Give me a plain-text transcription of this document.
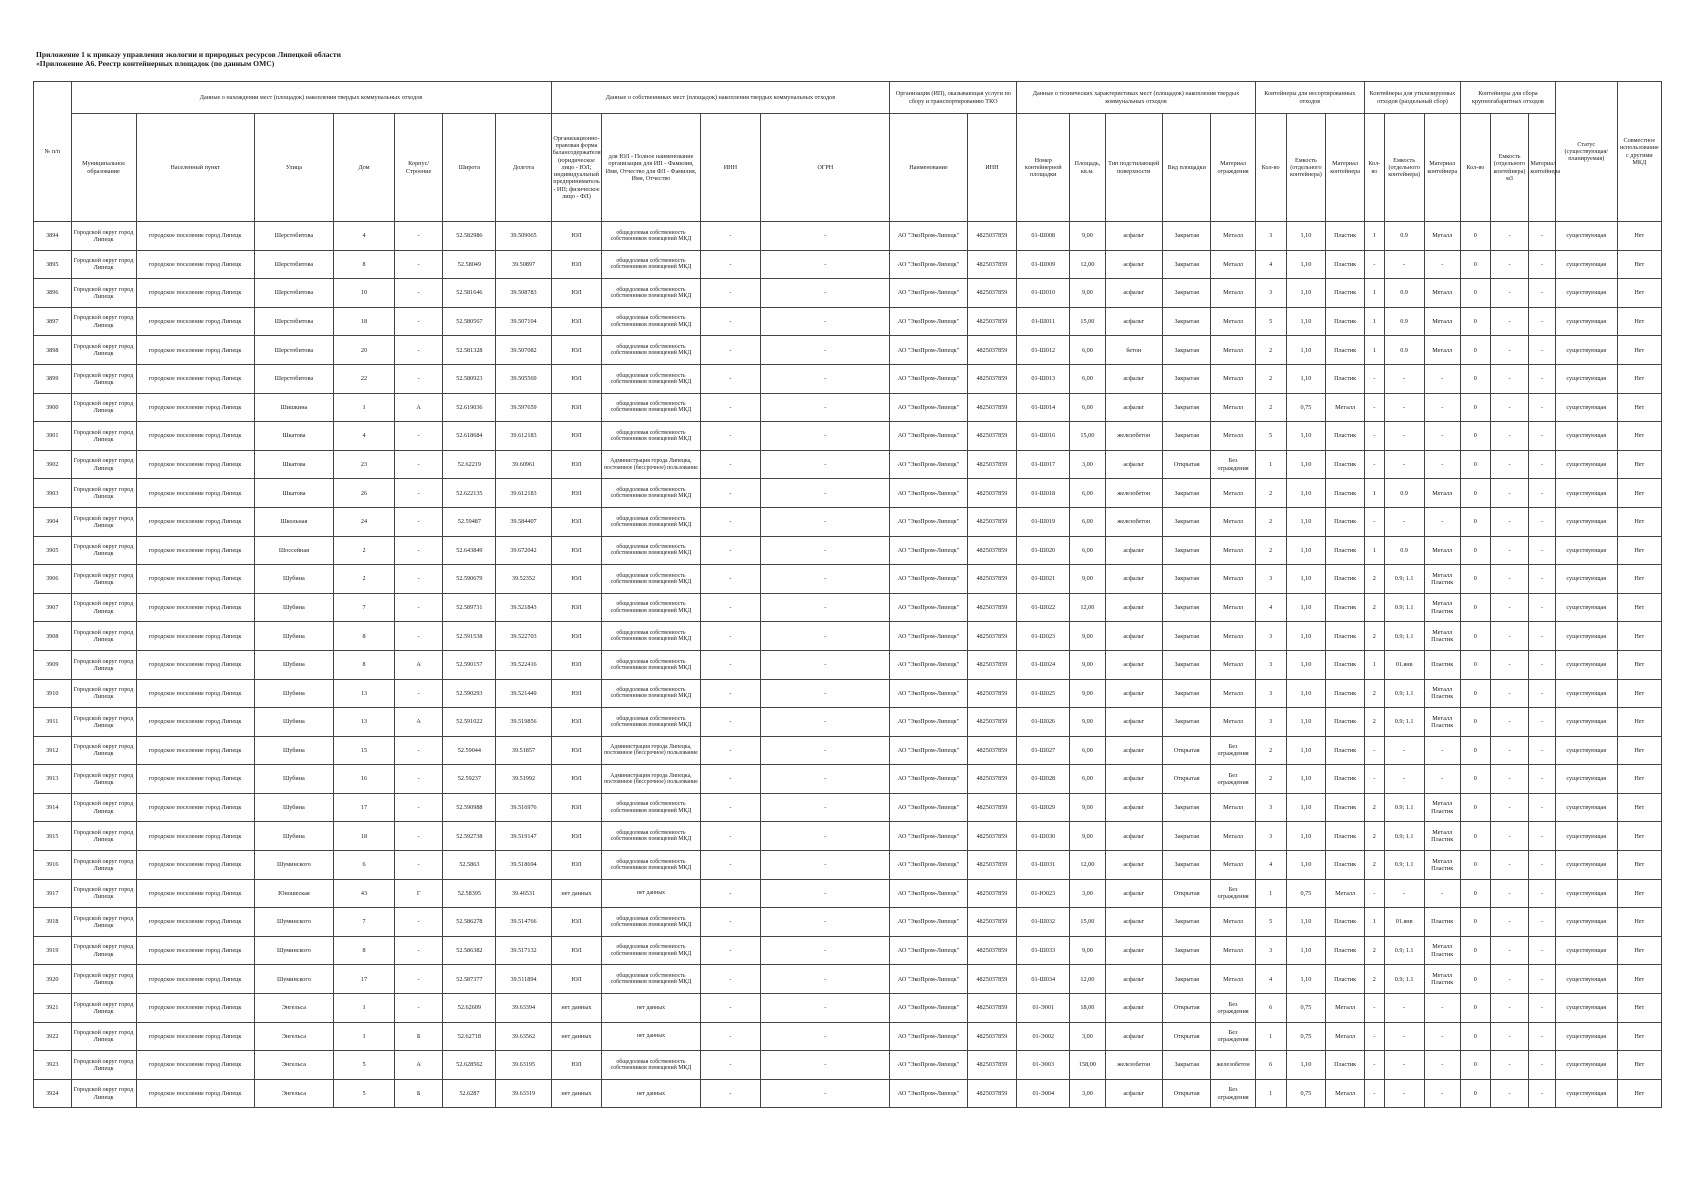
Приложение 1 к приказу управления экологии и природных ресурсов Липецкой области
«Приложение А6. Реестр контейнерных площадок (по данным ОМС)
№ п/п	Данные о нахождении мест (площадок) накопления твердых коммунальных отходов							Данные о собственниках мест (площадок) накопления твердых коммунальных отходов				Организация (ИП), оказывающая услуги по сбору и транспортированию ТКО		Данные о технических характеристиках мест (площадок) накопления твердых коммунальных отходов					Контейнеры для несортированных отходов			Контейнеры для утилизируемых отходов (раздельный сбор)			Контейнеры для сбора крупногабаритных отходов			Статус (существующая/ планируемая)	Совместное использование с другими МКД
	Муниципальное образование	Населенный пункт	Улица	Дом	Корпус/Строение	Широта	Долгота	Организационно-правовая форма балансодержателя (юридическое лицо - ЮЛ; индивидуальный предприниматель - ИП; физическое лицо - ФЛ)	для ЮЛ - Полное наименование организации для ИП - Фамилия, Имя, Отчество для ФЛ - Фамилия, Имя, Отчество	ИНН	ОГРН	Наименование	ИНН	Номер контейнерной площадки	Площадь, кв.м.	Тип подстилающей поверхности	Вид площадки	Материал ограждения	Кол-во	Емкость (отдельного контейнера)	Материал контейнера	Кол-во	Емкость (отдельного контейнера)	Материал контейнера	Кол-во	Емкость (отдельного контейнера) м3	Материал контейнера		
3894	Городской округ город Липецк	городское поселение город Липецк	Шерстобитова	4	-	52.582986	39.509065	ЮЛ	общедолевая собственность собственников помещений МКД	-	-	АО "ЭкоПром-Липецк"	4825037859	01-Ш008	9,00	асфальт	Закрытая	Металл	3	1,10	Пластик	1	0.9	Металл	0	-	-	существующая	Нет
3895	Городской округ город Липецк	городское поселение город Липецк	Шерстобитова	8	-	52.58049	39.50897	ЮЛ	общедолевая собственность собственников помещений МКД	-	-	АО "ЭкоПром-Липецк"	4825037859	01-Ш009	12,00	асфальт	Закрытая	Металл	4	1,10	Пластик	-	-	-	0	-	-	существующая	Нет
3896	Городской округ город Липецк	городское поселение город Липецк	Шерстобитова	10	-	52.581646	39.508783	ЮЛ	общедолевая собственность собственников помещений МКД	-	-	АО "ЭкоПром-Липецк"	4825037859	01-Ш010	9,00	асфальт	Закрытая	Металл	3	1,10	Пластик	1	0.9	Металл	0	-	-	существующая	Нет
3897	Городской округ город Липецк	городское поселение город Липецк	Шерстобитова	18	-	52.580567	39.507104	ЮЛ	общедолевая собственность собственников помещений МКД	-	-	АО "ЭкоПром-Липецк"	4825037859	01-Ш011	15,00	асфальт	Закрытая	Металл	5	1,10	Пластик	1	0.9	Металл	0	-	-	существующая	Нет
3898	Городской округ город Липецк	городское поселение город Липецк	Шерстобитова	20	-	52.581328	39.507082	ЮЛ	общедолевая собственность собственников помещений МКД	-	-	АО "ЭкоПром-Липецк"	4825037859	01-Ш012	6,00	бетон	Закрытая	Металл	2	1,10	Пластик	1	0.9	Металл	0	-	-	существующая	Нет
3899	Городской округ город Липецк	городское поселение город Липецк	Шерстобитова	22	-	52.580923	39.505569	ЮЛ	общедолевая собственность собственников помещений МКД	-	-	АО "ЭкоПром-Липецк"	4825037859	01-Ш013	6,00	асфальт	Закрытая	Металл	2	1,10	Пластик	-	-	-	0	-	-	существующая	Нет
3900	Городской округ город Липецк	городское поселение город Липецк	Шишкина	1	А	52.619036	39.597659	ЮЛ	общедолевая собственность собственников помещений МКД	-	-	АО "ЭкоПром-Липецк"	4825037859	01-Ш014	6,00	асфальт	Закрытая	Металл	2	0,75	Металл	-	-	-	0	-	-	существующая	Нет
3901	Городской округ город Липецк	городское поселение город Липецк	Шкатова	4	-	52.618684	39.612183	ЮЛ	общедолевая собственность собственников помещений МКД	-	-	АО "ЭкоПром-Липецк"	4825037859	01-Ш016	15,00	железобетон	Закрытая	Металл	5	1,10	Пластик	-	-	-	0	-	-	существующая	Нет
3902	Городской округ город Липецк	городское поселение город Липецк	Шкатова	23	-	52.62219	39.60961	ЮЛ	Администрация города Липецка, постоянное (бессрочное) пользование	-	-	АО "ЭкоПром-Липецк"	4825037859	01-Ш017	3,00	асфальт	Открытая	Без ограждения	1	1,10	Пластик	-	-	-	0	-	-	существующая	Нет
3903	Городской округ город Липецк	городское поселение город Липецк	Шкатова	26	-	52.622135	39.612183	ЮЛ	общедолевая собственность собственников помещений МКД	-	-	АО "ЭкоПром-Липецк"	4825037859	01-Ш018	6,00	железобетон	Закрытая	Металл	2	1,10	Пластик	1	0.9	Металл	0	-	-	существующая	Нет
3904	Городской округ город Липецк	городское поселение город Липецк	Школьная	24	-	52.59487	39.584407	ЮЛ	общедолевая собственность собственников помещений МКД	-	-	АО "ЭкоПром-Липецк"	4825037859	01-Ш019	6,00	железобетон	Закрытая	Металл	2	1,10	Пластик	-	-	-	0	-	-	существующая	Нет
3905	Городской округ город Липецк	городское поселение город Липецк	Шоссейная	2	-	52.643849	39.672042	ЮЛ	общедолевая собственность собственников помещений МКД	-	-	АО "ЭкоПром-Липецк"	4825037859	01-Ш020	6,00	асфальт	Закрытая	Металл	2	1,10	Пластик	1	0.9	Металл	0	-	-	существующая	Нет
3906	Городской округ город Липецк	городское поселение город Липецк	Шубина	2	-	52.590679	39.52352	ЮЛ	общедолевая собственность собственников помещений МКД	-	-	АО "ЭкоПром-Липецк"	4825037859	01-Ш021	9,00	асфальт	Закрытая	Металл	3	1,10	Пластик	2	0.9; 1.1	Металл Пластик	0	-	-	существующая	Нет
3907	Городской округ город Липецк	городское поселение город Липецк	Шубина	7	-	52.589731	39.521843	ЮЛ	общедолевая собственность собственников помещений МКД	-	-	АО "ЭкоПром-Липецк"	4825037859	01-Ш022	12,00	асфальт	Закрытая	Металл	4	1,10	Пластик	2	0.9; 1.1	Металл Пластик	0	-	-	существующая	Нет
3908	Городской округ город Липецк	городское поселение город Липецк	Шубина	8	-	52.591538	39.522703	ЮЛ	общедолевая собственность собственников помещений МКД	-	-	АО "ЭкоПром-Липецк"	4825037859	01-Ш023	9,00	асфальт	Закрытая	Металл	3	1,10	Пластик	2	0.9; 1.1	Металл Пластик	0	-	-	существующая	Нет
3909	Городской округ город Липецк	городское поселение город Липецк	Шубина	8	А	52.590157	39.522416	ЮЛ	общедолевая собственность собственников помещений МКД	-	-	АО "ЭкоПром-Липецк"	4825037859	01-Ш024	9,00	асфальт	Закрытая	Металл	3	1,10	Пластик	1	01.янв	Пластик	0	-	-	существующая	Нет
3910	Городской округ город Липецк	городское поселение город Липецк	Шубина	13	-	52.590293	39.521449	ЮЛ	общедолевая собственность собственников помещений МКД	-	-	АО "ЭкоПром-Липецк"	4825037859	01-Ш025	9,00	асфальт	Закрытая	Металл	3	1,10	Пластик	2	0.9; 1.1	Металл Пластик	0	-	-	существующая	Нет
3911	Городской округ город Липецк	городское поселение город Липецк	Шубина	13	А	52.591022	39.519856	ЮЛ	общедолевая собственность собственников помещений МКД	-	-	АО "ЭкоПром-Липецк"	4825037859	01-Ш026	9,00	асфальт	Закрытая	Металл	3	1,10	Пластик	2	0.9; 1.1	Металл Пластик	0	-	-	существующая	Нет
3912	Городской округ город Липецк	городское поселение город Липецк	Шубина	15	-	52.59044	39.51857	ЮЛ	Администрация города Липецка, постоянное (бессрочное) пользование	-	-	АО "ЭкоПром-Липецк"	4825037859	01-Ш027	6,00	асфальт	Открытая	Без ограждения	2	1,10	Пластик	-	-	-	0	-	-	существующая	Нет
3913	Городской округ город Липецк	городское поселение город Липецк	Шубина	16	-	52.59237	39.51992	ЮЛ	Администрация города Липецка, постоянное (бессрочное) пользование	-	-	АО "ЭкоПром-Липецк"	4825037859	01-Ш028	6,00	асфальт	Открытая	Без ограждения	2	1,10	Пластик	-	-	-	0	-	-	существующая	Нет
3914	Городской округ город Липецк	городское поселение город Липецк	Шубина	17	-	52.590988	39.516976	ЮЛ	общедолевая собственность собственников помещений МКД	-	-	АО "ЭкоПром-Липецк"	4825037859	01-Ш029	9,00	асфальт	Закрытая	Металл	3	1,10	Пластик	2	0.9; 1.1	Металл Пластик	0	-	-	существующая	Нет
3915	Городской округ город Липецк	городское поселение город Липецк	Шубина	18	-	52.592738	39.519147	ЮЛ	общедолевая собственность собственников помещений МКД	-	-	АО "ЭкоПром-Липецк"	4825037859	01-Ш030	9,00	асфальт	Закрытая	Металл	3	1,10	Пластик	2	0.9; 1.1	Металл Пластик	0	-	-	существующая	Нет
3916	Городской округ город Липецк	городское поселение город Липецк	Шуминского	6	-	52.5863	39.518694	ЮЛ	общедолевая собственность собственников помещений МКД	-	-	АО "ЭкоПром-Липецк"	4825037859	01-Ш031	12,00	асфальт	Закрытая	Металл	4	1,10	Пластик	2	0.9; 1.1	Металл Пластик	0	-	-	существующая	Нет
3917	Городской округ город Липецк	городское поселение город Липецк	Юношеская	43	Г	52.58395	39.46531	нет данных	нет данных	-	-	АО "ЭкоПром-Липецк"	4825037859	01-Ю023	3,00	асфальт	Открытая	Без ограждения	1	0,75	Металл	-	-	-	0	-	-	существующая	Нет
3918	Городской округ город Липецк	городское поселение город Липецк	Шуминского	7	-	52.586278	39.514766	ЮЛ	общедолевая собственность собственников помещений МКД	-	-	АО "ЭкоПром-Липецк"	4825037859	01-Ш032	15,00	асфальт	Закрытая	Металл	5	1,10	Пластик	1	01.янв	Пластик	0	-	-	существующая	Нет
3919	Городской округ город Липецк	городское поселение город Липецк	Шуминского	8	-	52.586382	39.517132	ЮЛ	общедолевая собственность собственников помещений МКД	-	-	АО "ЭкоПром-Липецк"	4825037859	01-Ш033	9,00	асфальт	Закрытая	Металл	3	1,10	Пластик	2	0.9; 1.1	Металл Пластик	0	-	-	существующая	Нет
3920	Городской округ город Липецк	городское поселение город Липецк	Шуминского	17	-	52.587377	39.511894	ЮЛ	общедолевая собственность собственников помещений МКД	-	-	АО "ЭкоПром-Липецк"	4825037859	01-Ш034	12,00	асфальт	Закрытая	Металл	4	1,10	Пластик	2	0.9; 1.1	Металл Пластик	0	-	-	существующая	Нет
3921	Городской округ город Липецк	городское поселение город Липецк	Энгельса	1	-	52.62609	39.63394	нет данных	нет данных	-	-	АО "ЭкоПром-Липецк"	4825037859	01-Э001	18,00	асфальт	Открытая	Без ограждения	6	0,75	Металл	-	-	-	0	-	-	существующая	Нет
3922	Городской округ город Липецк	городское поселение город Липецк	Энгельса	1	Б	52.62718	39.63562	нет данных	нет данных	-	-	АО "ЭкоПром-Липецк"	4825037859	01-Э002	3,00	асфальт	Открытая	Без ограждения	1	0,75	Металл	-	-	-	0	-	-	существующая	Нет
3923	Городской округ город Липецк	городское поселение город Липецк	Энгельса	5	А	52.628562	39.63195	ЮЛ	общедолевая собственность собственников помещений МКД	-	-	АО "ЭкоПром-Липецк"	4825037859	01-Э003	158,00	железобетон	Закрытая	железобетон	6	1,10	Пластик	-	-	-	0	-	-	существующая	Нет
3924	Городской округ город Липецк	городское поселение город Липецк	Энгельса	5	Б	52.6287	39.63319	нет данных	нет данных	-	-	АО "ЭкоПром-Липецк"	4825037859	01-Э004	3,00	асфальт	Открытая	Без ограждения	1	0,75	Металл	-	-	-	0	-	-	существующая	Нет
